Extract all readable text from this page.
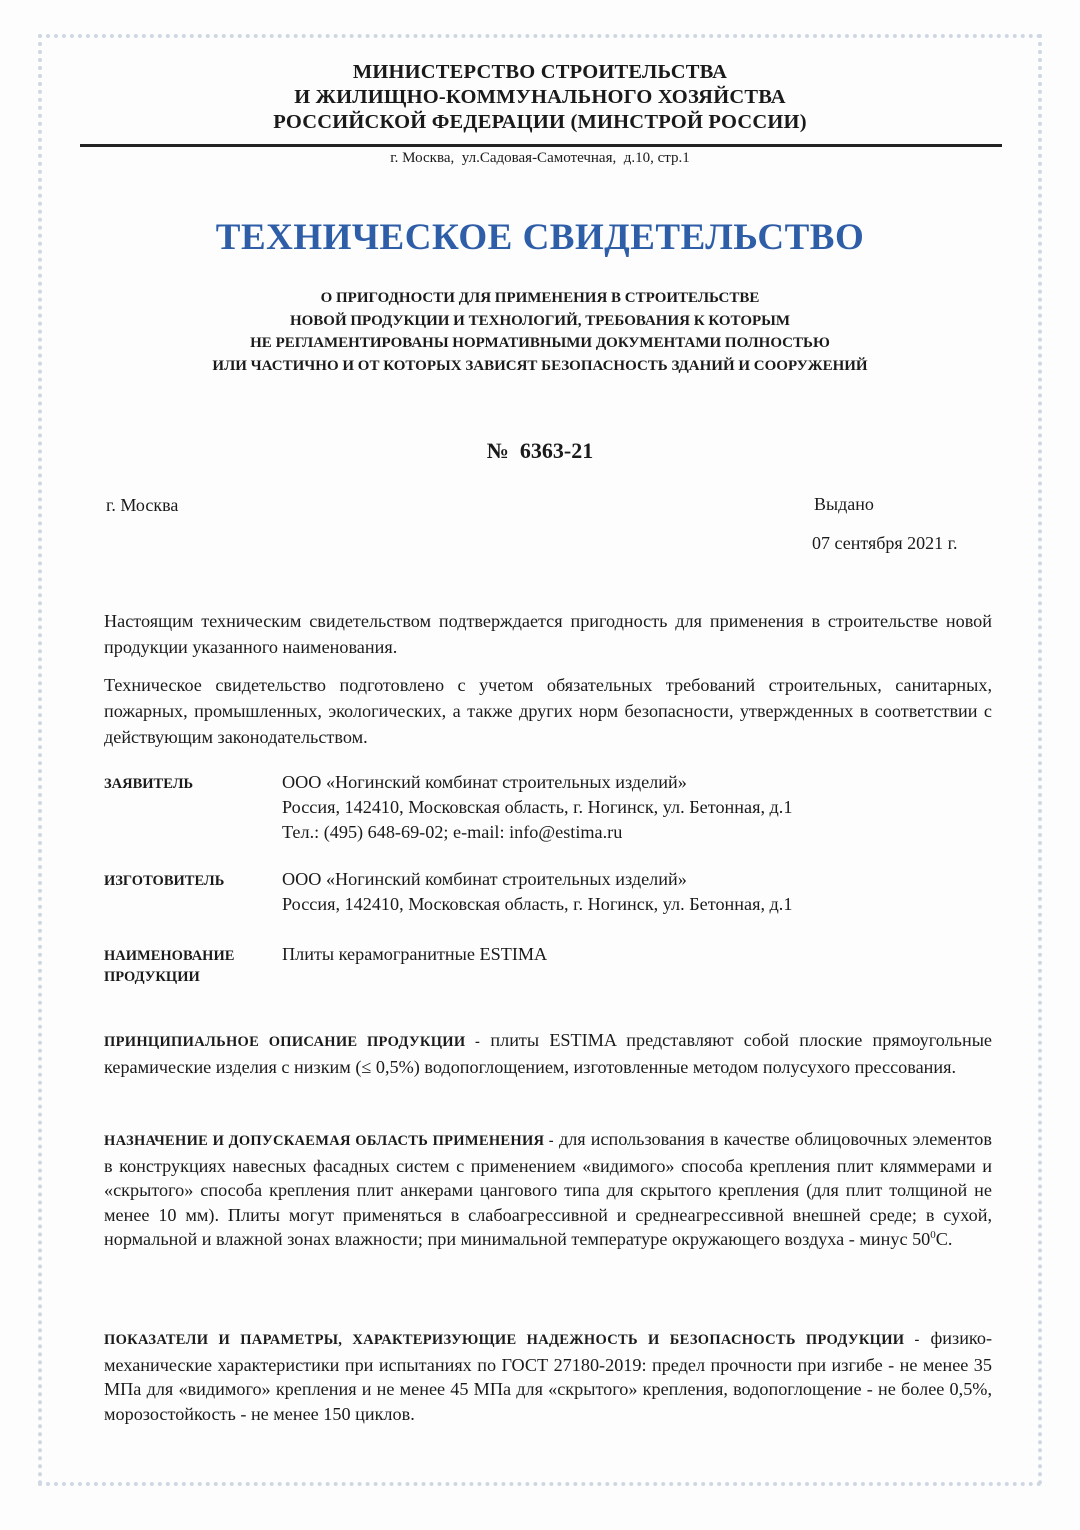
МИНИСТЕРСТВО СТРОИТЕЛЬСТВА
И ЖИЛИЩНО-КОММУНАЛЬНОГО ХОЗЯЙСТВА
РОССИЙСКОЙ ФЕДЕРАЦИИ (МИНСТРОЙ РОССИИ)
г. Москва,  ул.Садовая-Самотечная,  д.10, стр.1
ТЕХНИЧЕСКОЕ СВИДЕТЕЛЬСТВО
О ПРИГОДНОСТИ ДЛЯ ПРИМЕНЕНИЯ В СТРОИТЕЛЬСТВЕ
НОВОЙ ПРОДУКЦИИ И ТЕХНОЛОГИЙ, ТРЕБОВАНИЯ К КОТОРЫМ
НЕ РЕГЛАМЕНТИРОВАНЫ НОРМАТИВНЫМИ ДОКУМЕНТАМИ ПОЛНОСТЬЮ
ИЛИ ЧАСТИЧНО И ОТ КОТОРЫХ ЗАВИСЯТ БЕЗОПАСНОСТЬ ЗДАНИЙ И СООРУЖЕНИЙ
№  6363-21
г. Москва	Выдано
07 сентября 2021 г.
Настоящим техническим свидетельством подтверждается пригодность для применения в строительстве новой продукции указанного наименования.
Техническое свидетельство подготовлено с учетом обязательных требований строительных, санитарных, пожарных, промышленных, экологических, а также других норм безопасности, утвержденных в соответствии с действующим законодательством.
ЗАЯВИТЕЛЬ	ООО «Ногинский комбинат строительных изделий»
Россия, 142410, Московская область, г. Ногинск, ул. Бетонная, д.1
Тел.: (495) 648-69-02; e-mail: info@estima.ru
ИЗГОТОВИТЕЛЬ	ООО «Ногинский комбинат строительных изделий»
Россия, 142410, Московская область, г. Ногинск, ул. Бетонная, д.1
НАИМЕНОВАНИЕ
ПРОДУКЦИИ
Плиты керамогранитные ESTIMA
ПРИНЦИПИАЛЬНОЕ ОПИСАНИЕ ПРОДУКЦИИ - плиты ESTIMA представляют собой плоские прямоугольные керамические изделия с низким (≤ 0,5%) водопоглощением, изготовленные методом полусухого прессования.
НАЗНАЧЕНИЕ И ДОПУСКАЕМАЯ ОБЛАСТЬ ПРИМЕНЕНИЯ - для использования в качестве облицовочных элементов в конструкциях навесных фасадных систем с применением «видимого» способа крепления плит кляммерами и «скрытого» способа крепления плит анкерами цангового типа для скрытого крепления (для плит толщиной не менее 10 мм). Плиты могут применяться в слабоагрессивной и среднеагрессивной внешней среде; в сухой, нормальной и влажной зонах влажности; при минимальной температуре окружающего воздуха - минус $50^0С$.
ПОКАЗАТЕЛИ И ПАРАМЕТРЫ, ХАРАКТЕРИЗУЮЩИЕ НАДЕЖНОСТЬ И БЕЗОПАСНОСТЬ ПРОДУКЦИИ - физико-механические характеристики при испытаниях по ГОСТ 27180-2019: предел прочности при изгибе - не менее 35 МПа для «видимого» крепления и не менее 45 МПа для «скрытого» крепления, водопоглощение - не более 0,5%, морозостойкость - не менее 150 циклов.
